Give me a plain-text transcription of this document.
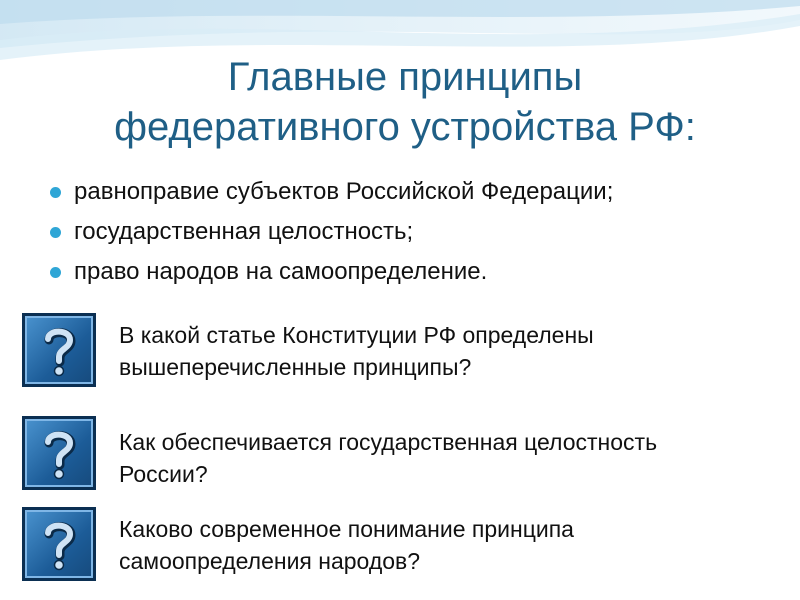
Главные принципы
федеративного устройства РФ:
равноправие субъектов Российской Федерации;
государственная целостность;
право народов на самоопределение.
В какой статье Конституции РФ определены
вышеперечисленные принципы?
Как обеспечивается государственная целостность
России?
Каково современное понимание принципа
самоопределения народов?
